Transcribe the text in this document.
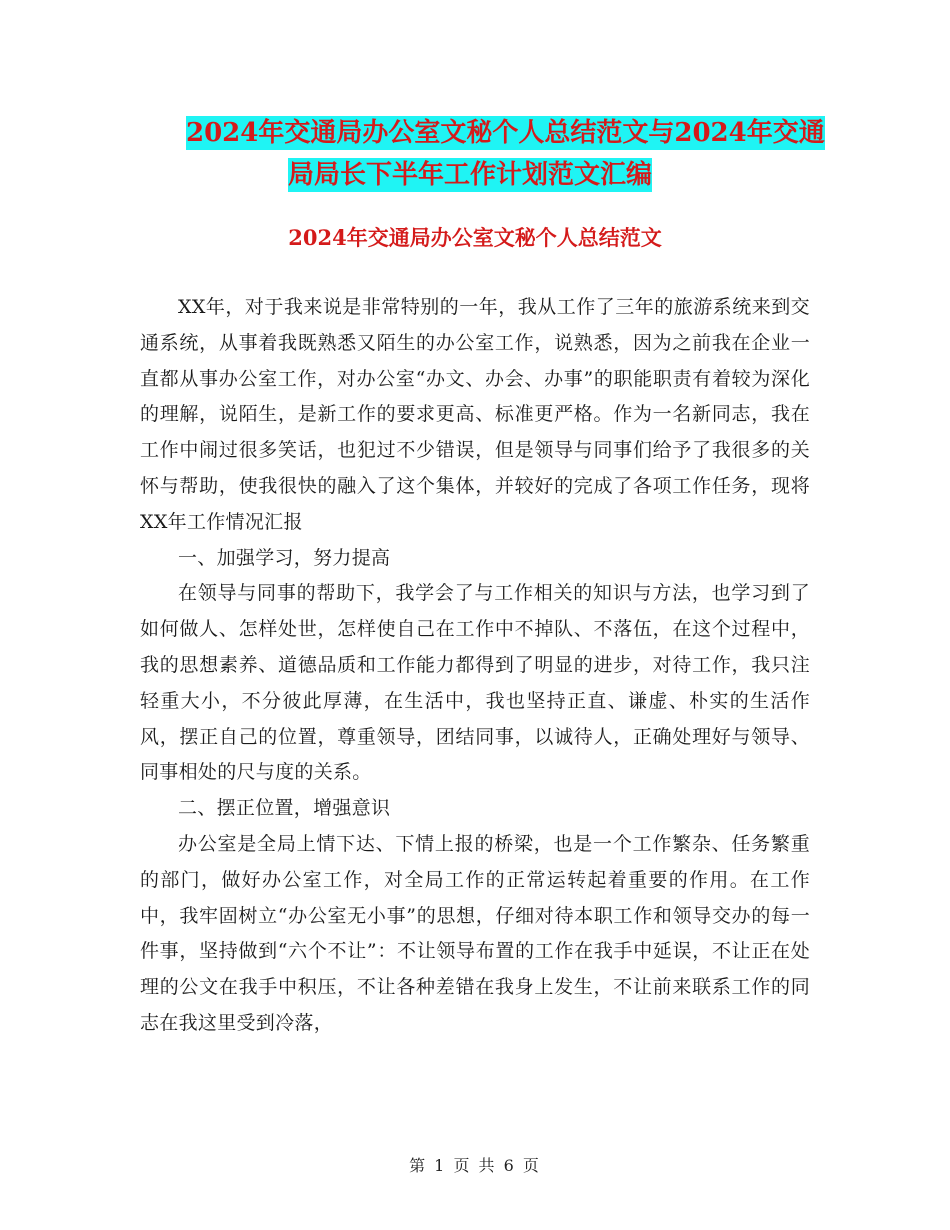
2024年交通局办公室文秘个人总结范文与2024年交通
局局长下半年工作计划范文汇编
2024年交通局办公室文秘个人总结范文

XX年，对于我来说是非常特别的一年，我从工作了三年的旅游系统来到交通系统，从事着我既熟悉又陌生的办公室工作，说熟悉，因为之前我在企业一直都从事办公室工作，对办公室“办文、办会、办事”的职能职责有着较为深化的理解，说陌生，是新工作的要求更高、标准更严格。作为一名新同志，我在工作中闹过很多笑话，也犯过不少错误，但是领导与同事们给予了我很多的关怀与帮助，使我很快的融入了这个集体，并较好的完成了各项工作任务，现将XX年工作情况汇报

一、加强学习，努力提高

在领导与同事的帮助下，我学会了与工作相关的知识与方法，也学习到了如何做人、怎样处世，怎样使自己在工作中不掉队、不落伍，在这个过程中，我的思想素养、道德品质和工作能力都得到了明显的进步，对待工作，我只注轻重大小，不分彼此厚薄，在生活中，我也坚持正直、谦虚、朴实的生活作风，摆正自己的位置，尊重领导，团结同事，以诚待人，正确处理好与领导、同事相处的尺与度的关系。

二、摆正位置，增强意识

办公室是全局上情下达、下情上报的桥梁，也是一个工作繁杂、任务繁重的部门，做好办公室工作，对全局工作的正常运转起着重要的作用。在工作中，我牢固树立“办公室无小事”的思想，仔细对待本职工作和领导交办的每一件事，坚持做到“六个不让”：不让领导布置的工作在我手中延误，不让正在处理的公文在我手中积压，不让各种差错在我身上发生，不让前来联系工作的同志在我这里受到冷落，

第 1 页 共 6 页
